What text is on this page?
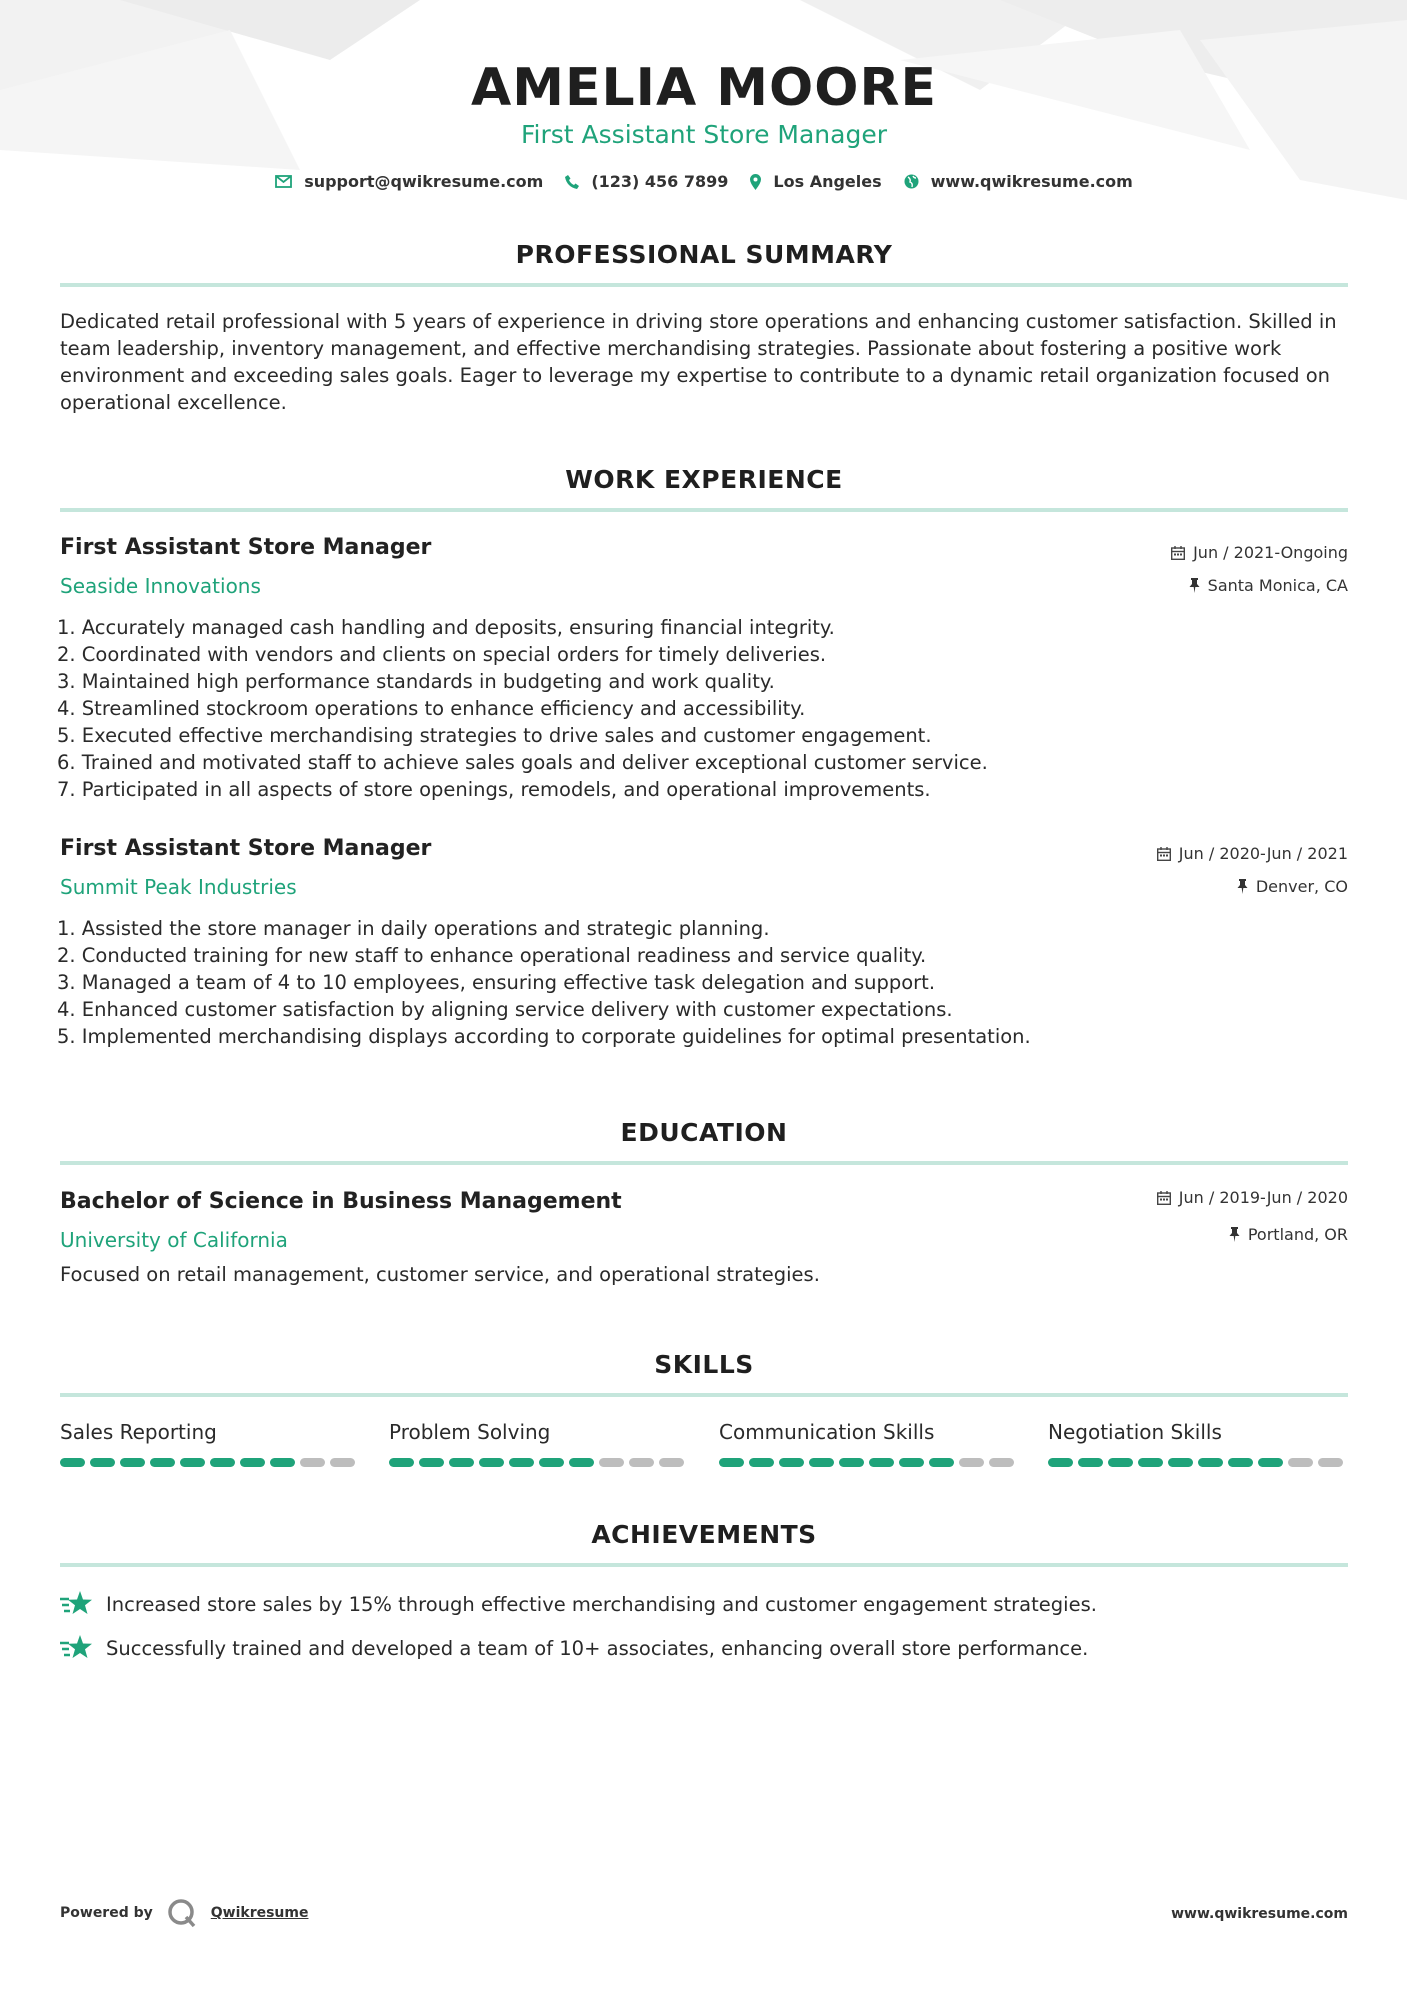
AMELIA MOORE
First Assistant Store Manager
support@qwikresume.com	(123) 456 7899	Los Angeles	www.qwikresume.com
PROFESSIONAL SUMMARY

Dedicated retail professional with 5 years of experience in driving store operations and enhancing customer satisfaction. Skilled in team leadership, inventory management, and effective merchandising strategies. Passionate about fostering a positive work environment and exceeding sales goals. Eager to leverage my expertise to contribute to a dynamic retail organization focused on operational excellence.

WORK EXPERIENCE
First Assistant Store Manager
Seaside Innovations
Jun / 2021-Ongoing
Santa Monica, CA
1. Accurately managed cash handling and deposits, ensuring financial integrity.
2. Coordinated with vendors and clients on special orders for timely deliveries.
3. Maintained high performance standards in budgeting and work quality.
4. Streamlined stockroom operations to enhance efficiency and accessibility.
5. Executed effective merchandising strategies to drive sales and customer engagement.
6. Trained and motivated staff to achieve sales goals and deliver exceptional customer service.
7. Participated in all aspects of store openings, remodels, and operational improvements.
First Assistant Store Manager
Summit Peak Industries
Jun / 2020-Jun / 2021
Denver, CO
1. Assisted the store manager in daily operations and strategic planning.
2. Conducted training for new staff to enhance operational readiness and service quality.
3. Managed a team of 4 to 10 employees, ensuring effective task delegation and support.
4. Enhanced customer satisfaction by aligning service delivery with customer expectations.
5. Implemented merchandising displays according to corporate guidelines for optimal presentation.
EDUCATION
Bachelor of Science in Business Management
University of California
Jun / 2019-Jun / 2020
Portland, OR
Focused on retail management, customer service, and operational strategies.
SKILLS
Sales Reporting	Problem Solving	Communication Skills	Negotiation Skills
ACHIEVEMENTS
Increased store sales by 15% through effective merchandising and customer engagement strategies.
Successfully trained and developed a team of 10+ associates, enhancing overall store performance.
Powered by	Qwikresume	www.qwikresume.com
